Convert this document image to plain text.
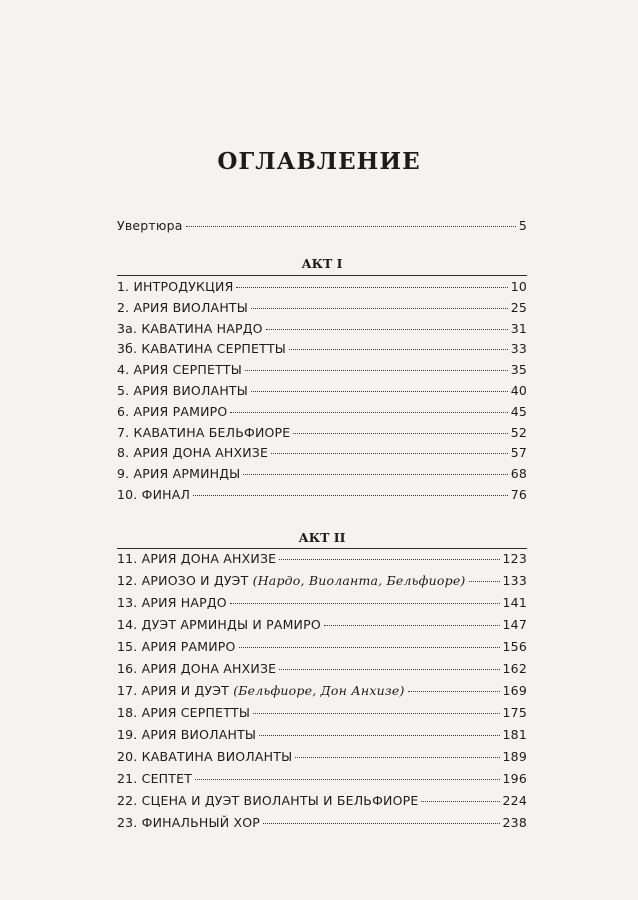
ОГЛАВЛЕНИЕ
Увертюра	5
АКТ I
1. ИНТРОДУКЦИЯ	10
2. АРИЯ ВИОЛАНТЫ	25
3а. КАВАТИНА НАРДО	31
3б. КАВАТИНА СЕРПЕТТЫ	33
4. АРИЯ СЕРПЕТТЫ	35
5. АРИЯ ВИОЛАНТЫ	40
6. АРИЯ РАМИРО	45
7. КАВАТИНА БЕЛЬФИОРЕ	52
8. АРИЯ ДОНА АНХИЗЕ	57
9. АРИЯ АРМИНДЫ	68
10. ФИНАЛ	76
АКТ II
11. АРИЯ ДОНА АНХИЗЕ	123
12. АРИОЗО И ДУЭТ (Нардо, Виоланта, Бельфиоре)	133
13. АРИЯ НАРДО	141
14. ДУЭТ АРМИНДЫ И РАМИРО	147
15. АРИЯ РАМИРО	156
16. АРИЯ ДОНА АНХИЗЕ	162
17. АРИЯ И ДУЭТ (Бельфиоре, Дон Анхизе)	169
18. АРИЯ СЕРПЕТТЫ	175
19. АРИЯ ВИОЛАНТЫ	181
20. КАВАТИНА ВИОЛАНТЫ	189
21. СЕПТЕТ	196
22. СЦЕНА И ДУЭТ ВИОЛАНТЫ И БЕЛЬФИОРЕ	224
23. ФИНАЛЬНЫЙ ХОР	238
